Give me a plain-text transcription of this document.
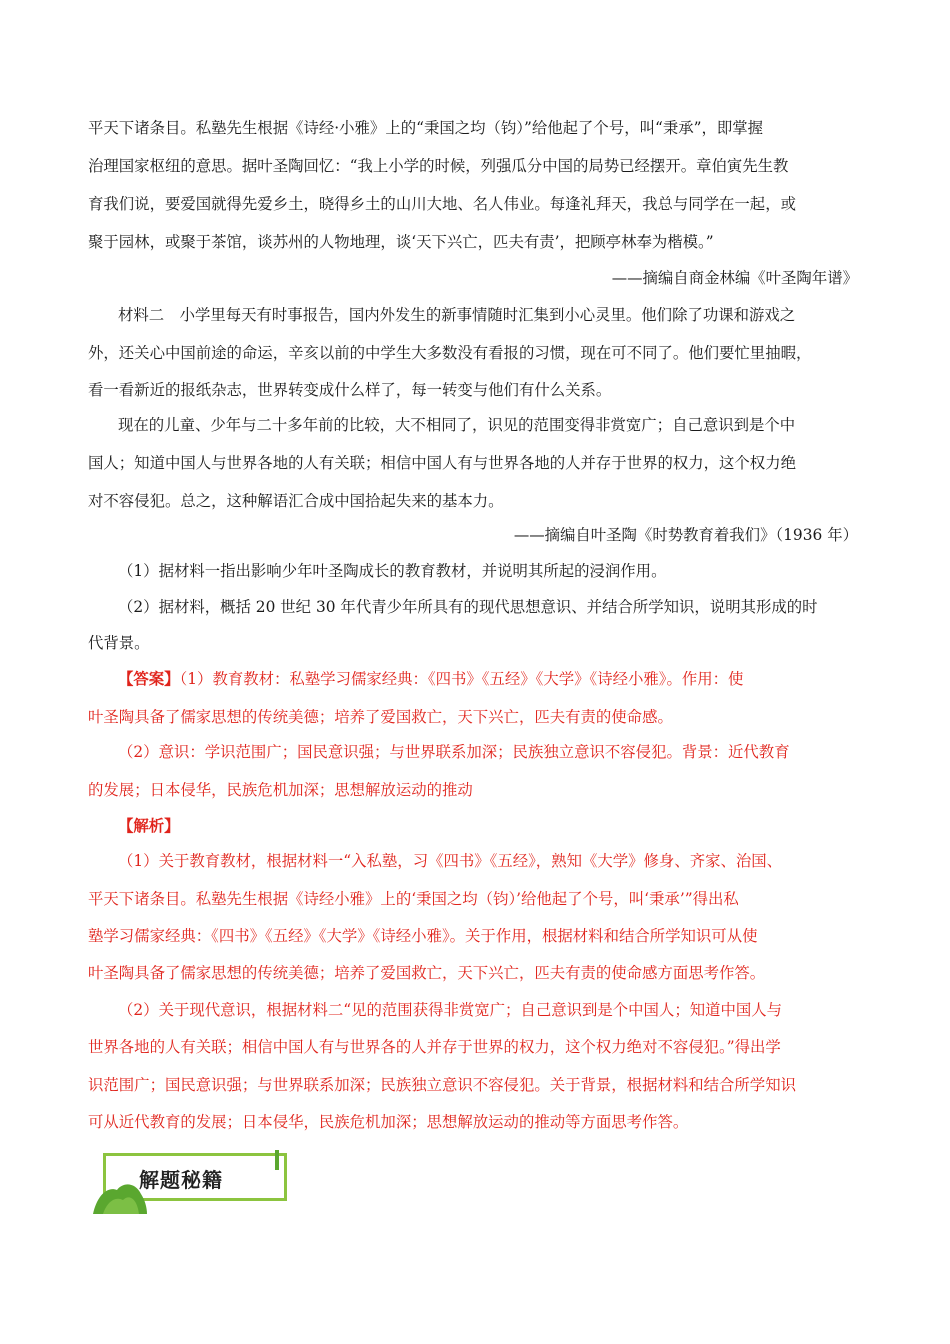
平天下诸条目。私塾先生根据《诗经·小雅》上的“秉国之均（钧）”给他起了个号，叫“秉承”，即掌握
治理国家枢纽的意思。据叶圣陶回忆：“我上小学的时候，列强瓜分中国的局势已经摆开。章伯寅先生教
育我们说，要爱国就得先爱乡土，晓得乡土的山川大地、名人伟业。每逢礼拜天，我总与同学在一起，或
聚于园林，或聚于茶馆，谈苏州的人物地理，谈‘天下兴亡，匹夫有责’，把顾亭林奉为楷模。”
——摘编自商金林编《叶圣陶年谱》
材料二　小学里每天有时事报告，国内外发生的新事情随时汇集到小心灵里。他们除了功课和游戏之
外，还关心中国前途的命运，辛亥以前的中学生大多数没有看报的习惯，现在可不同了。他们要忙里抽暇，
看一看新近的报纸杂志，世界转变成什么样了，每一转变与他们有什么关系。
现在的儿童、少年与二十多年前的比较，大不相同了，识见的范围变得非赏宽广；自己意识到是个中
国人；知道中国人与世界各地的人有关联；相信中国人有与世界各地的人并存于世界的权力，这个权力绝
对不容侵犯。总之，这种解语汇合成中国拾起失来的基本力。
——摘编自叶圣陶《时势教育着我们》（1936 年）
（1）据材料一指出影响少年叶圣陶成长的教育教材，并说明其所起的浸润作用。
（2）据材料，概括 20 世纪 30 年代青少年所具有的现代思想意识、并结合所学知识，说明其形成的时
代背景。
【答案】（1）教育教材：私塾学习儒家经典：《四书》《五经》《大学》《诗经小雅》。作用：使
叶圣陶具备了儒家思想的传统美德；培养了爱国救亡，天下兴亡，匹夫有责的使命感。
（2）意识：学识范围广；国民意识强；与世界联系加深；民族独立意识不容侵犯。背景：近代教育
的发展；日本侵华，民族危机加深；思想解放运动的推动
【解析】
（1）关于教育教材，根据材料一“入私塾，习《四书》《五经》，熟知《大学》修身、齐家、治国、
平天下诸条目。私塾先生根据《诗经小雅》上的‘秉国之均（钧）’给他起了个号，叫‘秉承’”得出私
塾学习儒家经典：《四书》《五经》《大学》《诗经小雅》。关于作用，根据材料和结合所学知识可从使
叶圣陶具备了儒家思想的传统美德；培养了爱国救亡，天下兴亡，匹夫有责的使命感方面思考作答。
（2）关于现代意识，根据材料二“见的范围获得非赏宽广；自己意识到是个中国人；知道中国人与
世界各地的人有关联；相信中国人有与世界各的人并存于世界的权力，这个权力绝对不容侵犯。”得出学
识范围广；国民意识强；与世界联系加深；民族独立意识不容侵犯。关于背景，根据材料和结合所学知识
可从近代教育的发展；日本侵华，民族危机加深；思想解放运动的推动等方面思考作答。
解题秘籍
